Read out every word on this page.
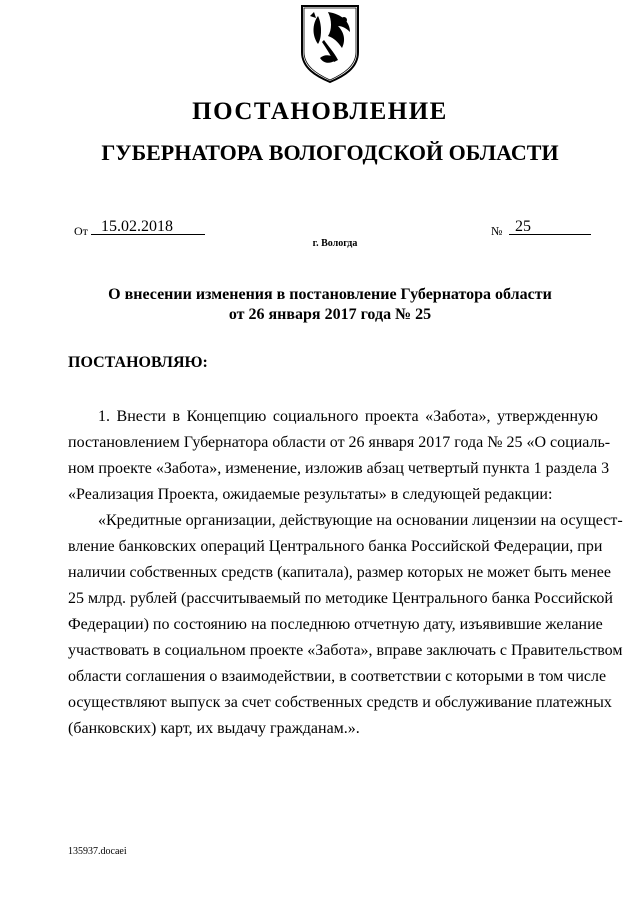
ПОСТАНОВЛЕНИЕ
ГУБЕРНАТОРА ВОЛОГОДСКОЙ ОБЛАСТИ
От 15.02.2018	№ 25
г. Вологда
О внесении изменения в постановление Губернатора области
от 26 января 2017 года № 25
ПОСТАНОВЛЯЮ:
1. Внести в Концепцию социального проекта «Забота», утвержденную
постановлением Губернатора области от 26 января 2017 года № 25 «О социаль-
ном проекте «Забота», изменение, изложив абзац четвертый пункта 1 раздела 3
«Реализация Проекта, ожидаемые результаты» в следующей редакции:
«Кредитные организации, действующие на основании лицензии на осущест-
вление банковских операций Центрального банка Российской Федерации, при
наличии собственных средств (капитала), размер которых не может быть менее
25 млрд. рублей (рассчитываемый по методике Центрального банка Российской
Федерации) по состоянию на последнюю отчетную дату, изъявившие желание
участвовать в социальном проекте «Забота», вправе заключать с Правительством
области соглашения о взаимодействии, в соответствии с которыми в том числе
осуществляют выпуск за счет собственных средств и обслуживание платежных
(банковских) карт, их выдачу гражданам.».
135937.docaei
